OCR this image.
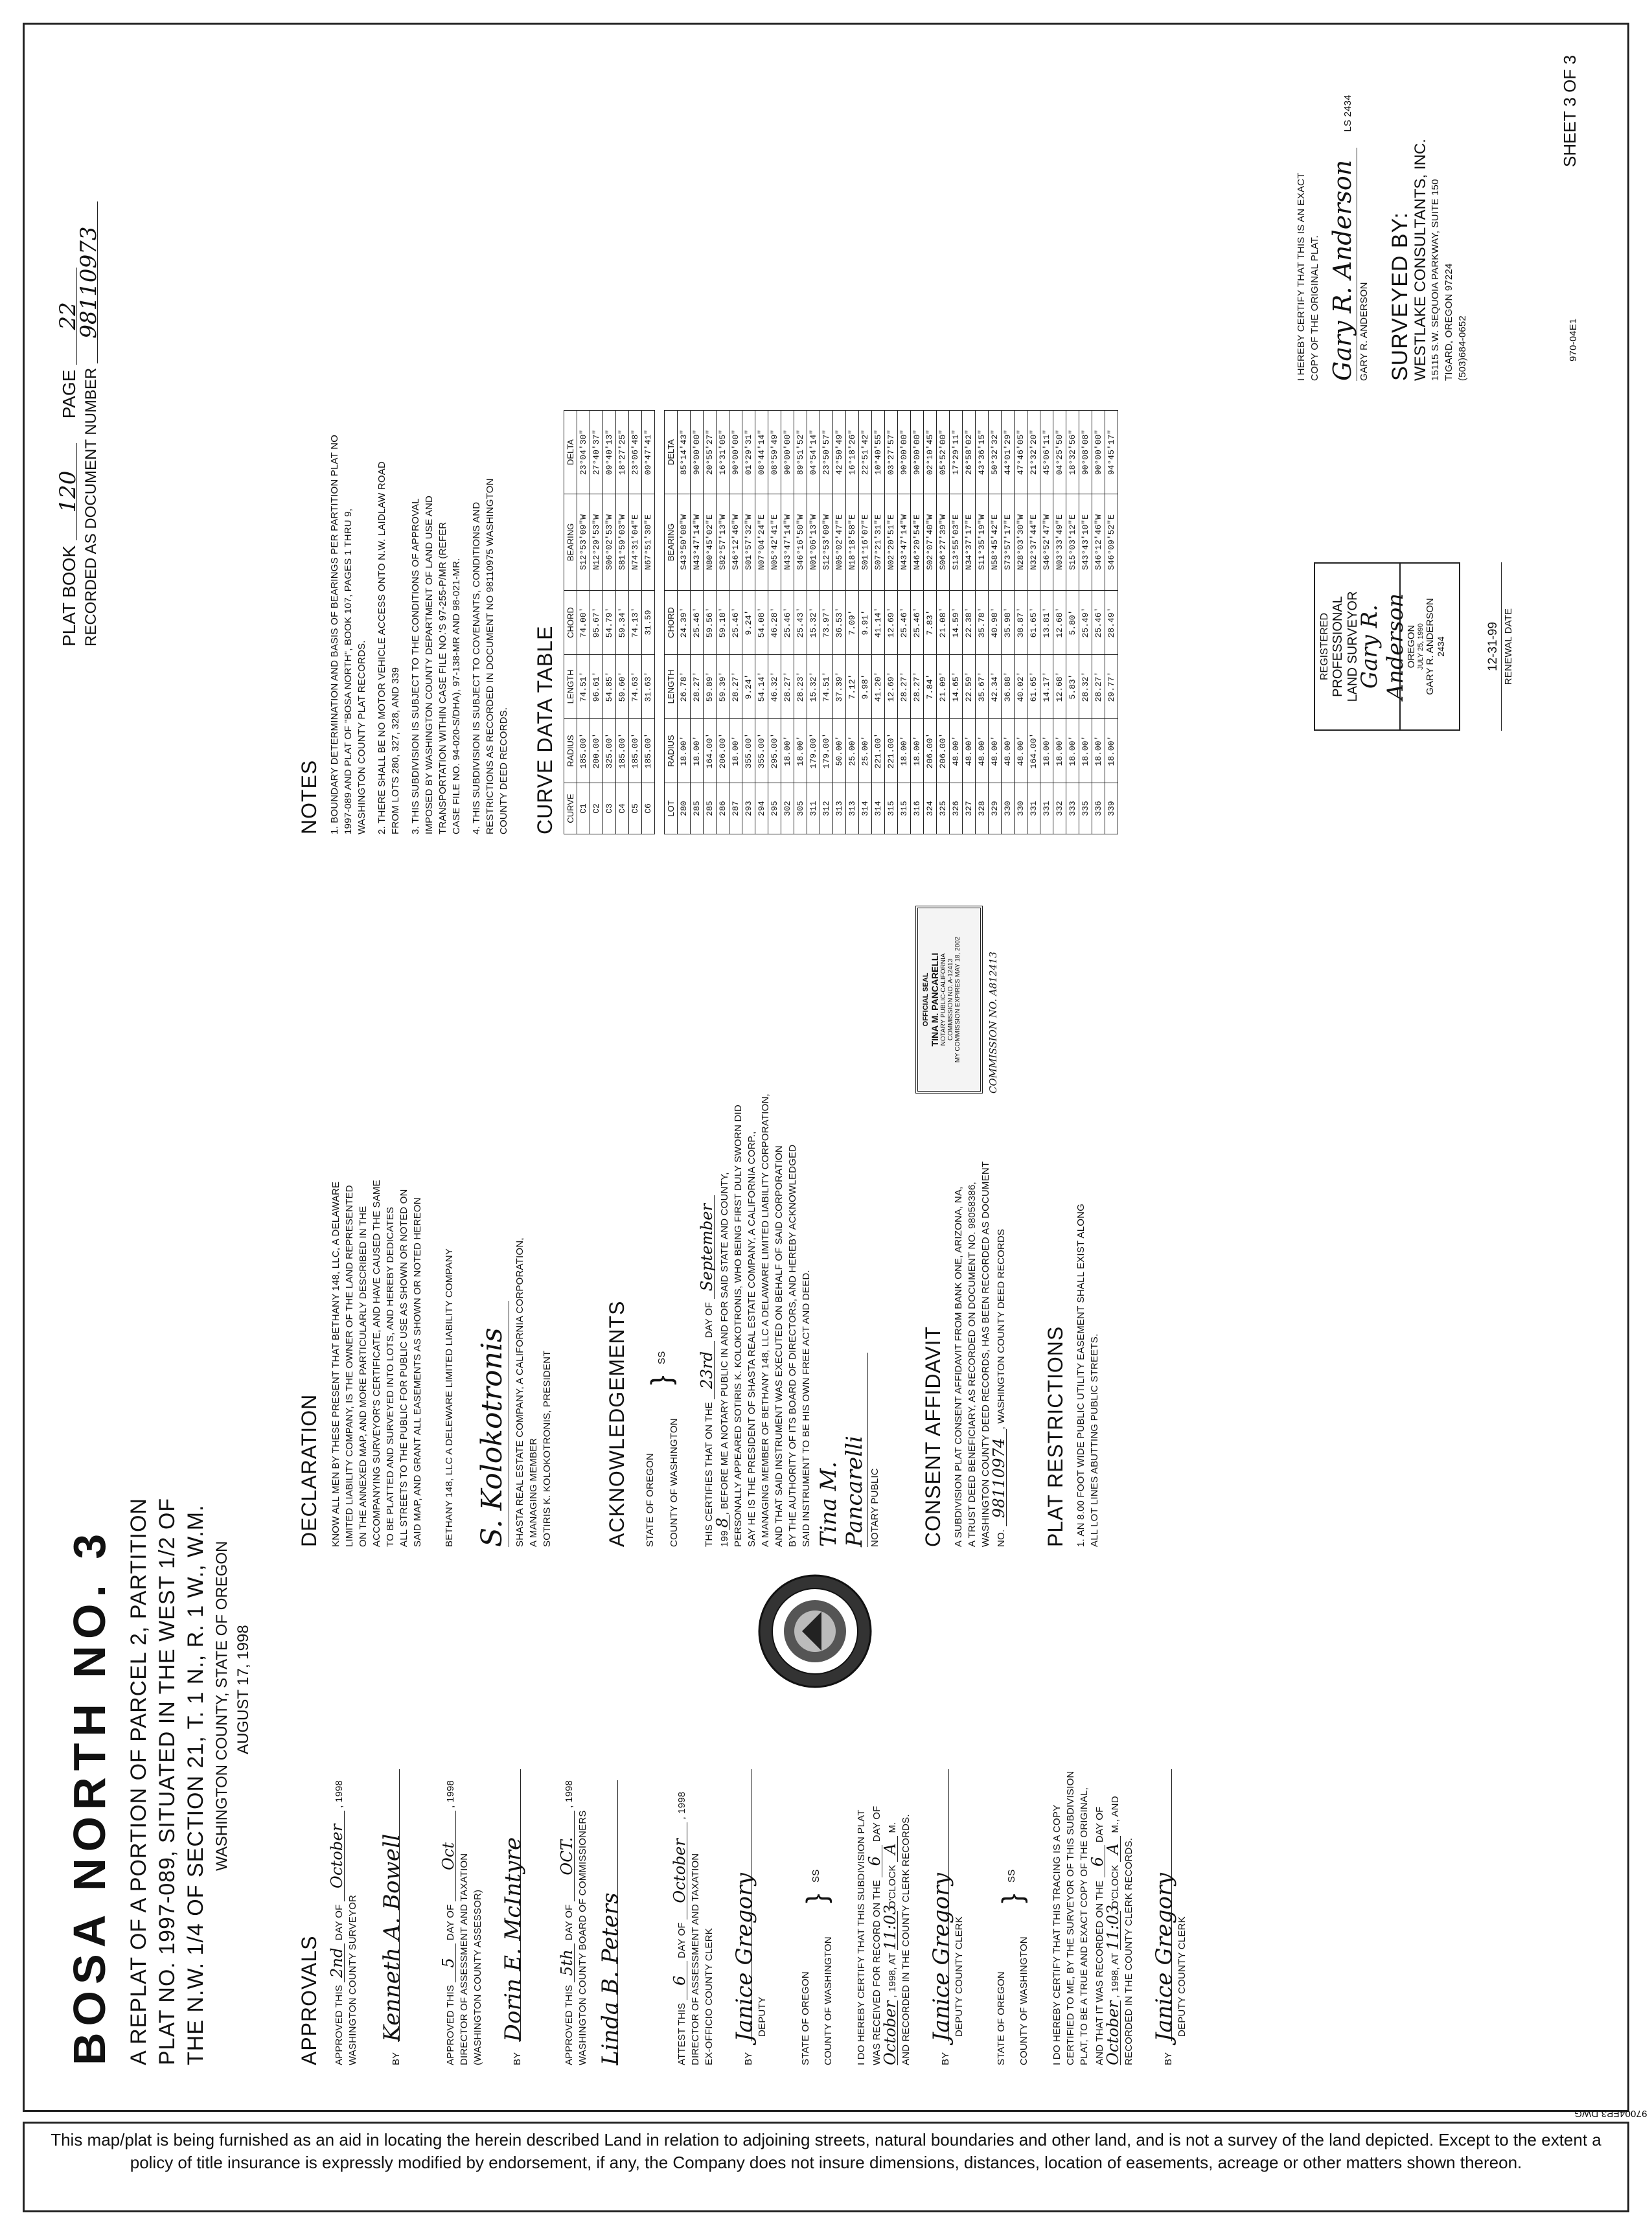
BOSA NORTH NO. 3 A REPLAT OF A PORTION OF PARCEL 2, PARTITION PLAT NO. 1997-089, SITUATED IN THE WEST 1/2 OF THE N.W. 1/4 OF SECTION 21, T. 1 N., R. 1 W., W.M. WASHINGTON COUNTY, STATE OF OREGON AUGUST 17, 1998
PLAT BOOK 120 PAGE 22
RECORDED AS DOCUMENT NUMBER 98110973
APPROVALS	APPROVED THIS 2nd DAY OF October , 1998
WASHINGTON COUNTY SURVEYOR	BY Kenneth A. Bowell	APPROVED THIS 5 DAY OF Oct , 1998
DIRECTOR OF ASSESSMENT AND TAXATION (WASHINGTON COUNTY ASSESSOR)	BY Dorin E. McIntyre	APPROVED THIS 5th DAY OF OCT. , 1998
WASHINGTON COUNTY BOARD OF COMMISSIONERS Linda B. Peters	ATTEST THIS 6 DAY OF October , 1998
DIRECTOR OF ASSESSMENT AND TAXATION EX-OFFICIO COUNTY CLERK	BY Janice Gregory DEPUTY	STATE OF OREGON COUNTY OF WASHINGTON
}
SS	I DO HEREBY CERTIFY THAT THIS SUBDIVISION PLAT WAS RECEIVED FOR RECORD ON THE 6 DAY OF
October , 1998, AT 11:03 O'CLOCK A M. AND RECORDED IN THE COUNTY CLERK RECORDS.	BY Janice Gregory DEPUTY COUNTY CLERK	STATE OF OREGON COUNTY OF WASHINGTON
}
SS	I DO HEREBY CERTIFY THAT THIS TRACING IS A COPY CERTIFIED TO ME, BY THE SURVEYOR OF THIS SUBDIVISION PLAT, TO BE A TRUE AND EXACT COPY OF THE ORIGINAL, AND THAT IT WAS RECORDED ON THE 6 DAY OF
October , 1998, AT 11:03 O'CLOCK A M., AND
RECORDED IN THE COUNTY CLERK RECORDS.	BY Janice Gregory DEPUTY COUNTY CLERK
DECLARATION KNOW ALL MEN BY THESE PRESENT THAT BETHANY 148, LLC, A DELAWARE LIMITED LIABILITY COMPANY, IS THE OWNER OF THE LAND REPRESENTED ON THE ANNEXED MAP, AND MORE PARTICULARLY DESCRIBED IN THE ACCOMPANYING SURVEYOR'S CERTIFICATE, AND HAVE CAUSED THE SAME TO BE PLATTED AND SURVEYED INTO LOTS, AND HEREBY DEDICATES ALL STREETS TO THE PUBLIC FOR PUBLIC USE AS SHOWN OR NOTED ON SAID MAP, AND GRANT ALL EASEMENTS AS SHOWN OR NOTED HEREON BETHANY 148, LLC A DELEWARE LIMITED LIABILITY COMPANY S. Kolokotronis SHASTA REAL ESTATE COMPANY, A CALIFORNIA CORPORATION, A MANAGING MEMBER SOTIRIS K. KOLOKOTRONIS, PRESIDENT	ACKNOWLEDGEMENTS STATE OF OREGON COUNTY OF WASHINGTON
}
SS
THIS CERTIFIES THAT ON THE 23rd DAY OF September
1998, BEFORE ME A NOTARY PUBLIC IN AND FOR SAID STATE AND COUNTY, PERSONALLY APPEARED SOTIRIS K. KOLOKOTRONIS, WHO BEING FIRST DULY SWORN DID SAY HE IS THE PRESIDENT OF SHASTA REAL ESTATE COMPANY, A CALIFORNIA CORP., A MANAGING MEMBER OF BETHANY 148, LLC A DELAWARE LIMITED LIABILITY CORPORATION, AND THAT SAID INSTRUMENT WAS EXECUTED ON BEHALF OF SAID CORPORATION BY THE AUTHORITY OF ITS BOARD OF DIRECTORS, AND HEREBY ACKNOWLEDGED SAID INSTRUMENT TO BE HIS OWN FREE ACT AND DEED. Tina M. Pancarelli NOTARY PUBLIC CONSENT AFFIDAVIT A SUBDIVISION PLAT CONSENT AFFIDAVIT FROM BANK ONE, ARIZONA, NA, A TRUST DEED BENEFICIARY, AS RECORDED ON DOCUMENT NO. 98058386, WASHINGTON COUNTY DEED RECORDS, HAS BEEN RECORDED AS DOCUMENT NO. 98110974, WASHINGTON COUNTY DEED RECORDS PLAT RESTRICTIONS 1. AN 8.00 FOOT WIDE PUBLIC UTILITY EASEMENT SHALL EXIST ALONG ALL LOT LINES ABUTTING PUBLIC STREETS.
OFFICIAL SEAL TINA M. PANCARELLI NOTARY PUBLIC-CALIFORNIA COMMISSION NO. A-12413 MY COMMISSION EXPIRES MAY 18, 2002	COMMISSION NO. A812413
NOTES 1. BOUNDARY DETERMINATION AND BASIS OF BEARINGS PER PARTITION PLAT NO 1997-089 AND PLAT OF "BOSA NORTH", BOOK 107, PAGES 1 THRU 9, WASHINGTON COUNTY PLAT RECORDS. 2. THERE SHALL BE NO MOTOR VEHICLE ACCESS ONTO N.W. LAIDLAW ROAD FROM LOTS 280, 327, 328, AND 339 3. THIS SUBDIVISION IS SUBJECT TO THE CONDITIONS OF APPROVAL IMPOSED BY WASHINGTON COUNTY DEPARTMENT OF LAND USE AND TRANSPORTATION WITHIN CASE FILE NO.'S 97-255-P/MR (REFER CASE FILE NO. 94-020-S/DHA), 97-138-MR AND 98-021-MR. 4. THIS SUBDIVISION IS SUBJECT TO COVENANTS, CONDITIONS AND RESTRICTIONS AS RECORDED IN DOCUMENT NO 98110975 WASHINGTON COUNTY DEED RECORDS. CURVE DATA TABLE CURVE	RADIUS	LENGTH	CHORD	BEARING	DELTA
C1	185.00'	74.51'	74.00'	S12°53'09"W	23°04'30"
C2	200.00'	96.61'	95.67'	N12°29'53"W	27°40'37"
C3	325.00'	54.85'	54.79'	S06°02'53"W	09°40'13"
C4	185.00'	59.60'	59.34'	S81°59'03"W	18°27'25"
C5	185.00'	74.63'	74.13'	N74°31'04"E	23°06'48"
C6	185.00'	31.63'	31.59	N67°51'30"E	09°47'41"
LOT	RADIUS	LENGTH	CHORD	BEARING	DELTA
280	18.00'	26.78'	24.39'	S43°50'08"W	85°14'43"
285	18.00'	28.27'	25.46'	N43°47'14"W	90°00'00"
285	164.00'	59.89'	59.56'	N80°45'02"E	20°55'27"
286	206.00'	59.39'	59.18'	S82°57'13"W	16°31'05"
287	18.00'	28.27'	25.46'	S46°12'46"W	90°00'00"
293	355.00'	9.24'	9.24'	S01°57'32"W	01°29'31"
294	355.00'	54.14'	54.08'	N07°04'24"E	08°44'14"
295	295.00'	46.32'	46.28'	N05°42'41"E	08°59'49"
302	18.00'	28.27'	25.46'	N43°47'14"W	90°00'00"
305	18.00'	28.23'	25.43'	S46°16'50"W	89°51'52"
311	179.00'	15.32'	15.32'	N01°06'13"W	04°54'14"
312	179.00'	74.51'	73.97'	S12°53'09"W	23°50'57"
313	50.00'	37.39'	36.53'	N05°02'47"E	42°50'49"
313	25.00'	7.12'	7.09'	N18°18'58"E	16°18'26"
314	25.00'	9.98'	9.91'	S01°16'07"E	22°51'42"
314	221.00'	41.20'	41.14'	S07°21'31"E	10°40'55"
315	221.00'	12.69'	12.69'	N02°20'51"E	03°27'57"
315	18.00'	28.27'	25.46'	N43°47'14"W	90°00'00"
316	18.00'	28.27'	25.46'	N46°20'54"E	90°00'00"
324	206.00'	7.84'	7.83'	S02°07'40"W	02°10'45"
325	206.00'	21.09'	21.08'	S06°27'39"W	05°52'00"
326	48.00'	14.65'	14.59'	S13°55'03"E	17°29'11"
327	48.00'	22.59'	22.38'	N34°37'17"E	26°58'02"
328	48.00'	35.67'	35.78'	S11°35'19"W	43°36'15"
329	48.00'	42.34'	40.98'	N58°45'42"E	50°32'32"
330	48.00'	36.88'	35.98'	S73°57'17"E	44°01'29"
330	48.00'	40.02'	38.87'	N28°03'30"W	47°46'05"
331	164.00'	61.65'	61.65'	N32°37'44"E	21°32'20"
331	18.00'	14.17'	13.81'	S46°52'47"W	45°06'11"
332	18.00'	12.68'	12.68'	N03°33'49"E	04°25'50"
333	18.00'	5.83'	5.80'	S15°03'12"E	18°32'56"
335	18.00'	28.32'	25.49'	S43°43'10"E	90°08'08"
336	18.00'	28.27'	25.46'	S46°12'46"W	90°00'00"
339	18.00'	29.77'	28.49'	S46°09'52"E	94°45'17"
REGISTERED PROFESSIONAL LAND SURVEYOR
Gary R. Anderson
OREGON JULY 25, 1990 GARY R. ANDERSON 2434	12-31-99 RENEWAL DATE
I HEREBY CERTIFY THAT THIS IS AN EXACT COPY OF THE ORIGINAL PLAT. Gary R. Anderson LS 2434
GARY R. ANDERSON SURVEYED BY: WESTLAKE CONSULTANTS, INC. 15115 S.W. SEQUOIA PARKWAY, SUITE 150 TIGARD, OREGON 97224 (503)684-0652	970-04E1
SHEET 3 OF 3
97004FP3.DWG
This map/plat is being furnished as an aid in locating the herein described Land in relation to adjoining streets, natural boundaries and other land, and is not a survey of the land depicted. Except to the extent a policy of title insurance is expressly modified by endorsement, if any, the Company does not insure dimensions, distances, location of easements, acreage or other matters shown thereon.
